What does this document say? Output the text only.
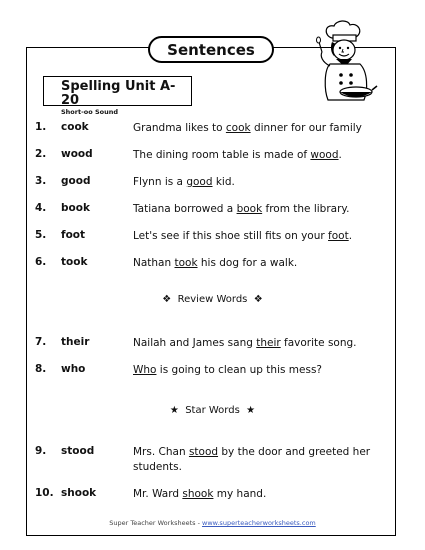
Sentences
Spelling Unit A-20
Short-oo Sound
1. cook	Grandma likes to cook dinner for our family
2. wood	The dining room table is made of wood.
3. good	Flynn is a good kid.
4. book	Tatiana borrowed a book from the library.
5. foot	Let's see if this shoe still fits on your foot.
6. took	Nathan took his dog for a walk.
❖ Review Words ❖
7. their	Nailah and James sang their favorite song.
8. who	Who is going to clean up this mess?
★ Star Words ★
9. stood	Mrs. Chan stood by the door and greeted her students.
10. shook	Mr. Ward shook my hand.
Super Teacher Worksheets - www.superteacherworksheets.com
